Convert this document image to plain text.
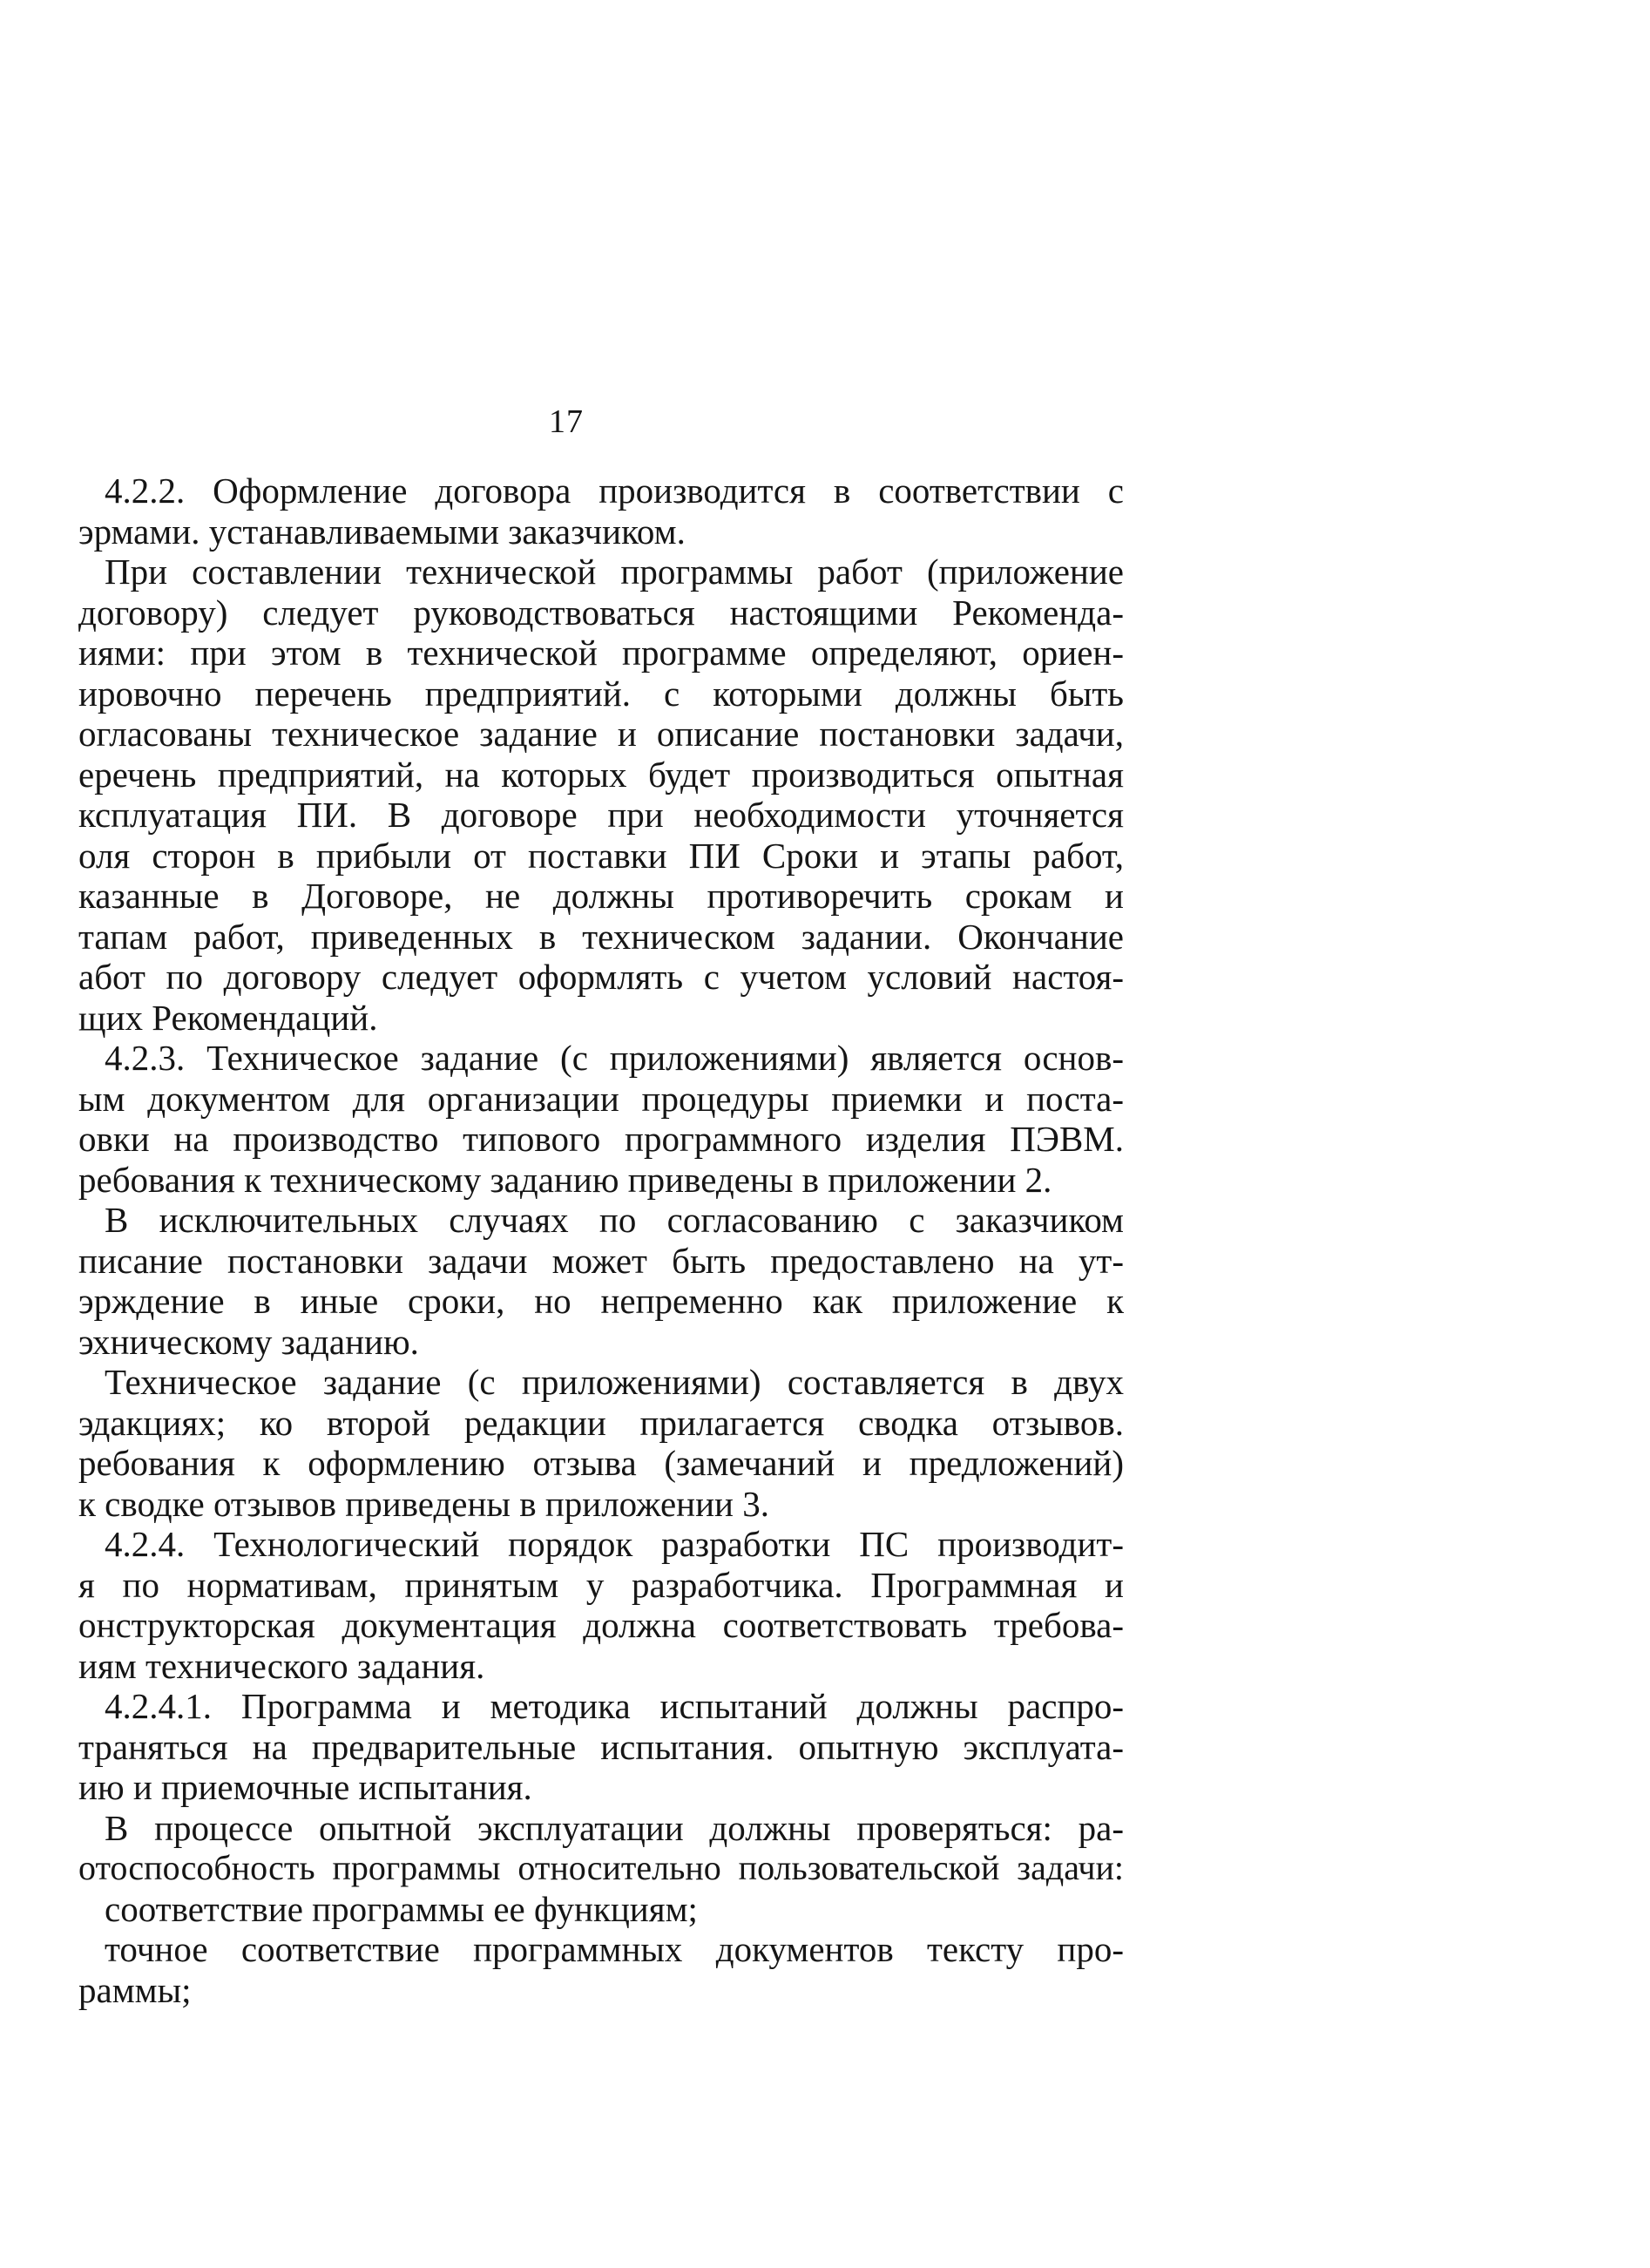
17
4.2.2. Оформление договора производится в соответствии с
эрмами. устанавливаемыми заказчиком.
При составлении технической программы работ (приложение
договору) следует руководствоваться настоящими Рекоменда-
иями: при этом в технической программе определяют, ориен-
ировочно перечень предприятий. с которыми должны быть
огласованы техническое задание и описание постановки задачи,
еречень предприятий, на которых будет производиться опытная
ксплуатация ПИ. В договоре при необходимости уточняется
оля сторон в прибыли от поставки ПИ Сроки и этапы работ,
казанные в Договоре, не должны противоречить срокам и
тапам работ, приведенных в техническом задании. Окончание
абот по договору следует оформлять с учетом условий настоя-
щих Рекомендаций.
4.2.3. Техническое задание (с приложениями) является основ-
ым документом для организации процедуры приемки и поста-
овки на производство типового программного изделия ПЭВМ.
ребования к техническому заданию приведены в приложении 2.
В исключительных случаях по согласованию с заказчиком
писание постановки задачи может быть предоставлено на ут-
эрждение в иные сроки, но непременно как приложение к
эхническому заданию.
Техническое задание (с приложениями) составляется в двух
эдакциях; ко второй редакции прилагается сводка отзывов.
ребования к оформлению отзыва (замечаний и предложений)
к сводке отзывов приведены в приложении 3.
4.2.4. Технологический порядок разработки ПС производит-
я по нормативам, принятым у разработчика. Программная и
онструкторская документация должна соответствовать требова-
иям технического задания.
4.2.4.1. Программа и методика испытаний должны распро-
траняться на предварительные испытания. опытную эксплуата-
ию и приемочные испытания.
В процессе опытной эксплуатации должны проверяться: ра-
отоспособность программы относительно пользовательской задачи:
соответствие программы ее функциям;
точное соответствие программных документов тексту про-
раммы;
